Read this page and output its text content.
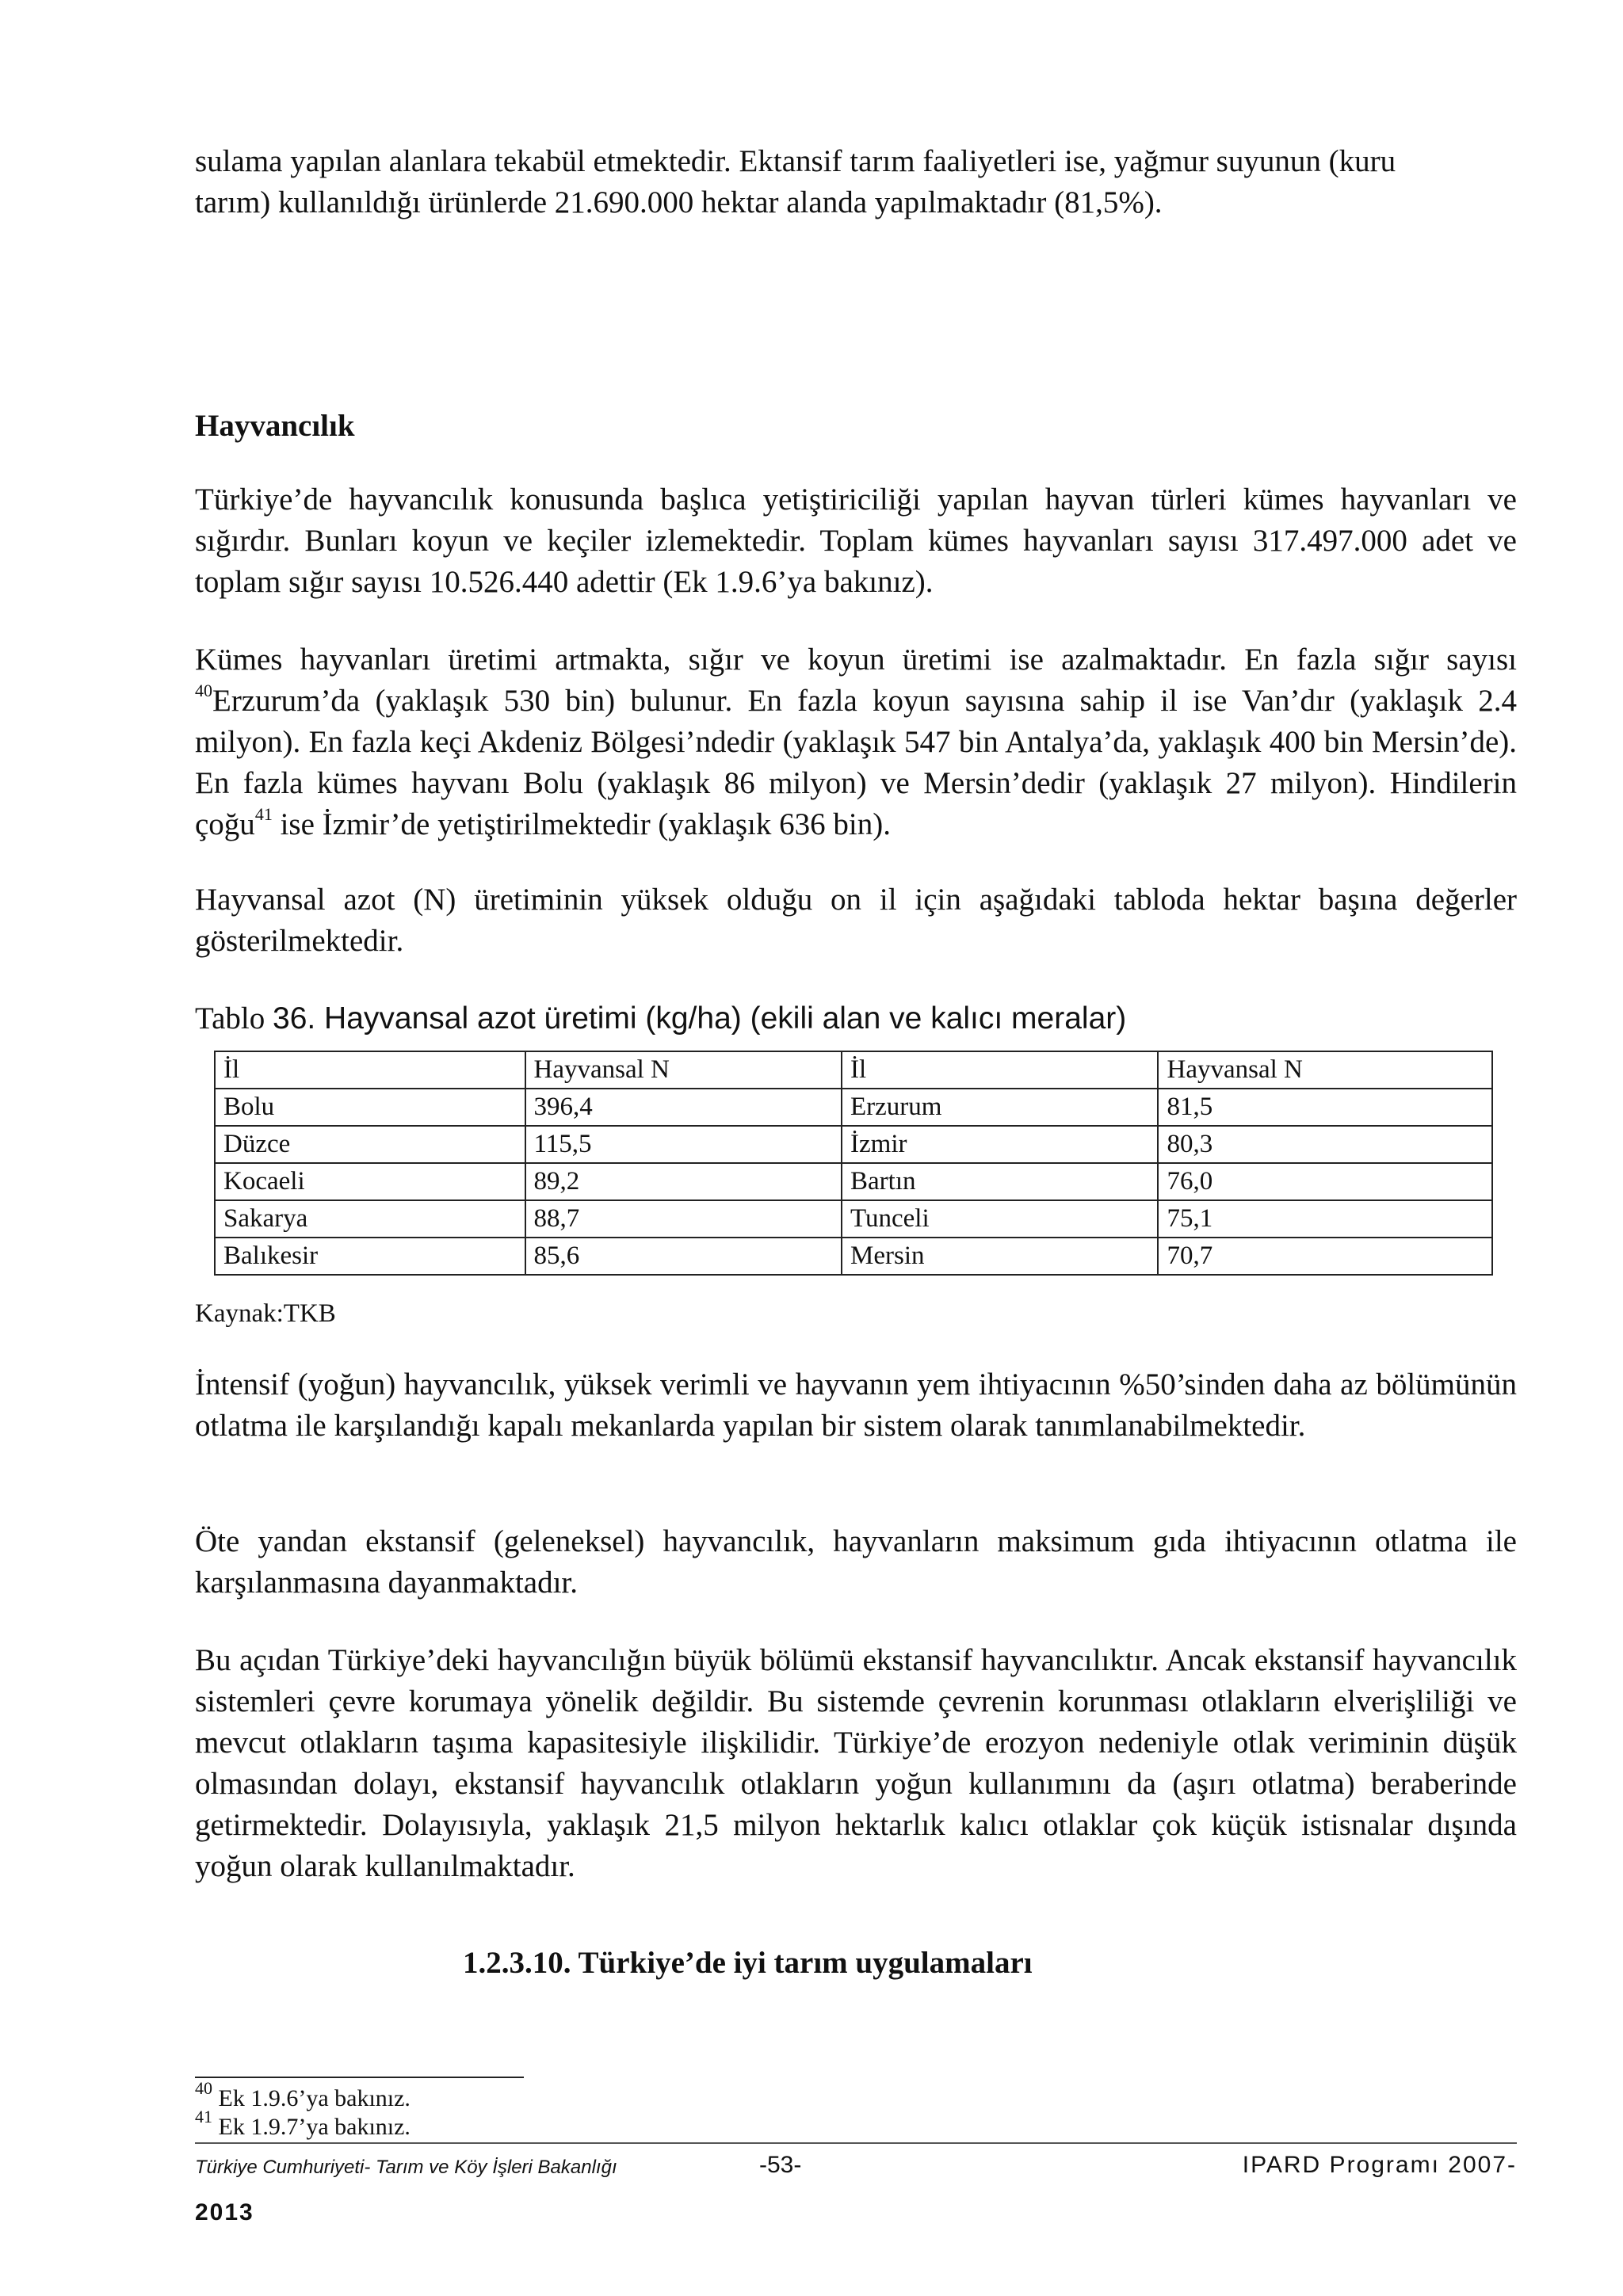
sulama yapılan alanlara tekabül etmektedir. Ektansif tarım faaliyetleri ise, yağmur suyunun (kuru

tarım) kullanıldığı ürünlerde 21.690.000 hektar alanda yapılmaktadır (81,5%).

Hayvancılık

Türkiye’de hayvancılık konusunda başlıca yetiştiriciliği yapılan hayvan türleri kümes hayvanları ve sığırdır. Bunları koyun ve keçiler izlemektedir. Toplam kümes hayvanları sayısı 317.497.000 adet ve toplam sığır sayısı 10.526.440 adettir (Ek 1.9.6’ya bakınız).

Kümes hayvanları üretimi artmakta, sığır ve koyun üretimi ise azalmaktadır. En fazla sığır sayısı $^{40}$Erzurum’da (yaklaşık 530 bin) bulunur. En fazla koyun sayısına sahip il ise Van’dır (yaklaşık 2.4 milyon). En fazla keçi Akdeniz Bölgesi’ndedir (yaklaşık 547 bin Antalya’da, yaklaşık 400 bin Mersin’de). En fazla kümes hayvanı Bolu (yaklaşık 86 milyon) ve Mersin’dedir (yaklaşık 27 milyon). Hindilerin çoğu$^{41}$ ise İzmir’de yetiştirilmektedir (yaklaşık 636 bin).

Hayvansal azot (N) üretiminin yüksek olduğu on il için aşağıdaki tabloda hektar başına değerler gösterilmektedir.

Tablo 36. Hayvansal azot üretimi (kg/ha) (ekili alan ve kalıcı meralar)

İl	Hayvansal N	İl	Hayvansal N
Bolu	396,4	Erzurum	81,5
Düzce	115,5	İzmir	80,3
Kocaeli	89,2	Bartın	76,0
Sakarya	88,7	Tunceli	75,1
Balıkesir	85,6	Mersin	70,7
Kaynak:TKB

İntensif (yoğun) hayvancılık, yüksek verimli ve hayvanın yem ihtiyacının %50’sinden daha az bölümünün otlatma ile karşılandığı kapalı mekanlarda yapılan bir sistem olarak tanımlanabilmektedir.

Öte yandan ekstansif (geleneksel) hayvancılık, hayvanların maksimum gıda ihtiyacının otlatma ile karşılanmasına dayanmaktadır.

Bu açıdan Türkiye’deki hayvancılığın büyük bölümü ekstansif hayvancılıktır. Ancak ekstansif hayvancılık sistemleri çevre korumaya yönelik değildir. Bu sistemde çevrenin korunması otlakların elverişliliği ve mevcut otlakların taşıma kapasitesiyle ilişkilidir. Türkiye’de erozyon nedeniyle otlak veriminin düşük olmasından dolayı, ekstansif hayvancılık otlakların yoğun kullanımını da (aşırı otlatma) beraberinde getirmektedir. Dolayısıyla, yaklaşık 21,5 milyon hektarlık kalıcı otlaklar çok küçük istisnalar dışında yoğun olarak kullanılmaktadır.

1.2.3.10. Türkiye’de iyi tarım uygulamaları

$^{40}$ Ek 1.9.6’ya bakınız.
$^{41}$ Ek 1.9.7’ya bakınız.
Türkiye Cumhuriyeti- Tarım ve Köy İşleri Bakanlığı	-53-	IPARD Programı 2007-
2013
